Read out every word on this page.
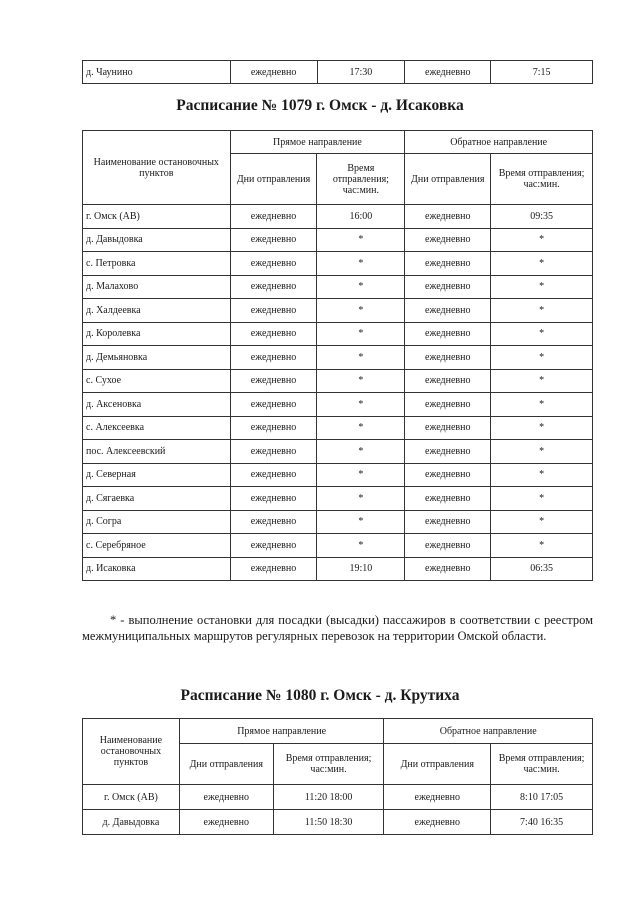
д. Чаунино	ежедневно	17:30	ежедневно	7:15
Расписание № 1079 г. Омск - д. Исаковка
Наименование остановочных пунктов	Прямое направление		Обратное направление	
	Дни отправления	Время отправления; час:мин.	Дни отправления	Время отправления; час:мин.
г. Омск (АВ)	ежедневно	16:00	ежедневно	09:35
д. Давыдовка	ежедневно	*	ежедневно	*
с. Петровка	ежедневно	*	ежедневно	*
д. Малахово	ежедневно	*	ежедневно	*
д. Халдеевка	ежедневно	*	ежедневно	*
д. Королевка	ежедневно	*	ежедневно	*
д. Демьяновка	ежедневно	*	ежедневно	*
с. Сухое	ежедневно	*	ежедневно	*
д. Аксеновка	ежедневно	*	ежедневно	*
с. Алексеевка	ежедневно	*	ежедневно	*
пос. Алексеевский	ежедневно	*	ежедневно	*
д. Северная	ежедневно	*	ежедневно	*
д. Сягаевка	ежедневно	*	ежедневно	*
д. Согра	ежедневно	*	ежедневно	*
с. Серебряное	ежедневно	*	ежедневно	*
д. Исаковка	ежедневно	19:10	ежедневно	06:35

* - выполнение остановки для посадки (высадки) пассажиров в соответствии с реестром межмуниципальных маршрутов регулярных перевозок на территории Омской области.

Расписание № 1080 г. Омск - д. Крутиха
Наименование остановочных пунктов	Прямое направление		Обратное направление	
	Дни отправления	Время отправления; час:мин.	Дни отправления	Время отправления; час:мин.
г. Омск (АВ)	ежедневно	11:20 18:00	ежедневно	8:10 17:05
д. Давыдовка	ежедневно	11:50 18:30	ежедневно	7:40 16:35
